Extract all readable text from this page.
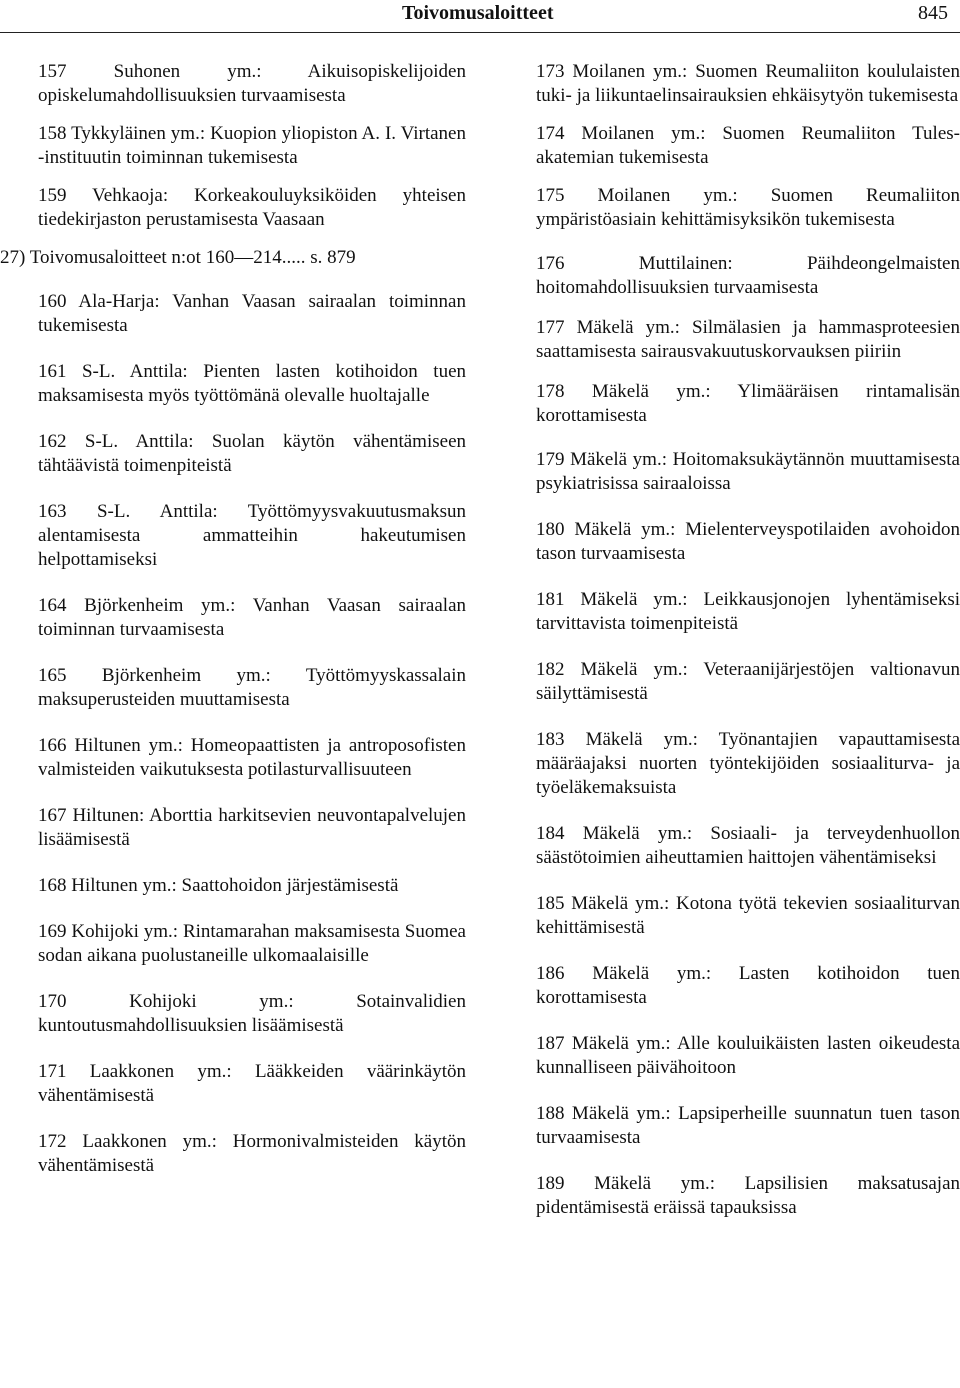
Toivomusaloitteet	845
157 Suhonen ym.: Aikuisopiskelijoiden opiskelumahdollisuuksien turvaamisesta
158 Tykkyläinen ym.: Kuopion yliopiston A. I. Virtanen -instituutin toiminnan tukemisesta
159 Vehkaoja: Korkeakouluyksiköiden yhteisen tiedekirjaston perustamisesta Vaasaan
27) Toivomusaloitteet n:ot 160—214..... s. 879
160 Ala-Harja: Vanhan Vaasan sairaalan toiminnan tukemisesta
161 S-L. Anttila: Pienten lasten kotihoidon tuen maksamisesta myös työttömänä olevalle huoltajalle
162 S-L. Anttila: Suolan käytön vähentämiseen tähtäävistä toimenpiteistä
163 S-L. Anttila: Työttömyysvakuutusmaksun alentamisesta ammatteihin hakeutumisen helpottamiseksi
164 Björkenheim ym.: Vanhan Vaasan sairaalan toiminnan turvaamisesta
165 Björkenheim ym.: Työttömyyskassalain maksuperusteiden muuttamisesta
166 Hiltunen ym.: Homeopaattisten ja antroposofisten valmisteiden vaikutuksesta potilasturvallisuuteen
167 Hiltunen: Aborttia harkitsevien neuvontapalvelujen lisäämisestä
168 Hiltunen ym.: Saattohoidon järjestämisestä
169 Kohijoki ym.: Rintamarahan maksamisesta Suomea sodan aikana puolustaneille ulkomaalaisille
170 Kohijoki ym.: Sotainvalidien kuntoutusmahdollisuuksien lisäämisestä
171 Laakkonen ym.: Lääkkeiden väärinkäytön vähentämisestä
172 Laakkonen ym.: Hormonivalmisteiden käytön vähentämisestä
173 Moilanen ym.: Suomen Reumaliiton koululaisten tuki- ja liikuntaelinsairauksien ehkäisytyön tukemisesta
174 Moilanen ym.: Suomen Reumaliiton Tules-akatemian tukemisesta
175 Moilanen ym.: Suomen Reumaliiton ympäristöasiain kehittämisyksikön tukemisesta
176 Muttilainen: Päihdeongelmaisten hoitomahdollisuuksien turvaamisesta
177 Mäkelä ym.: Silmälasien ja hammasproteesien saattamisesta sairausvakuutuskorvauksen piiriin
178 Mäkelä ym.: Ylimääräisen rintamalisän korottamisesta
179 Mäkelä ym.: Hoitomaksukäytännön muuttamisesta psykiatrisissa sairaaloissa
180 Mäkelä ym.: Mielenterveyspotilaiden avohoidon tason turvaamisesta
181 Mäkelä ym.: Leikkausjonojen lyhentämiseksi tarvittavista toimenpiteistä
182 Mäkelä ym.: Veteraanijärjestöjen valtionavun säilyttämisestä
183 Mäkelä ym.: Työnantajien vapauttamisesta määräajaksi nuorten työntekijöiden sosiaaliturva- ja työeläkemaksuista
184 Mäkelä ym.: Sosiaali- ja terveydenhuollon säästötoimien aiheuttamien haittojen vähentämiseksi
185 Mäkelä ym.: Kotona työtä tekevien sosiaaliturvan kehittämisestä
186 Mäkelä ym.: Lasten kotihoidon tuen korottamisesta
187 Mäkelä ym.: Alle kouluikäisten lasten oikeudesta kunnalliseen päivähoitoon
188 Mäkelä ym.: Lapsiperheille suunnatun tuen tason turvaamisesta
189 Mäkelä ym.: Lapsilisien maksatusajan pidentämisestä eräissä tapauksissa
